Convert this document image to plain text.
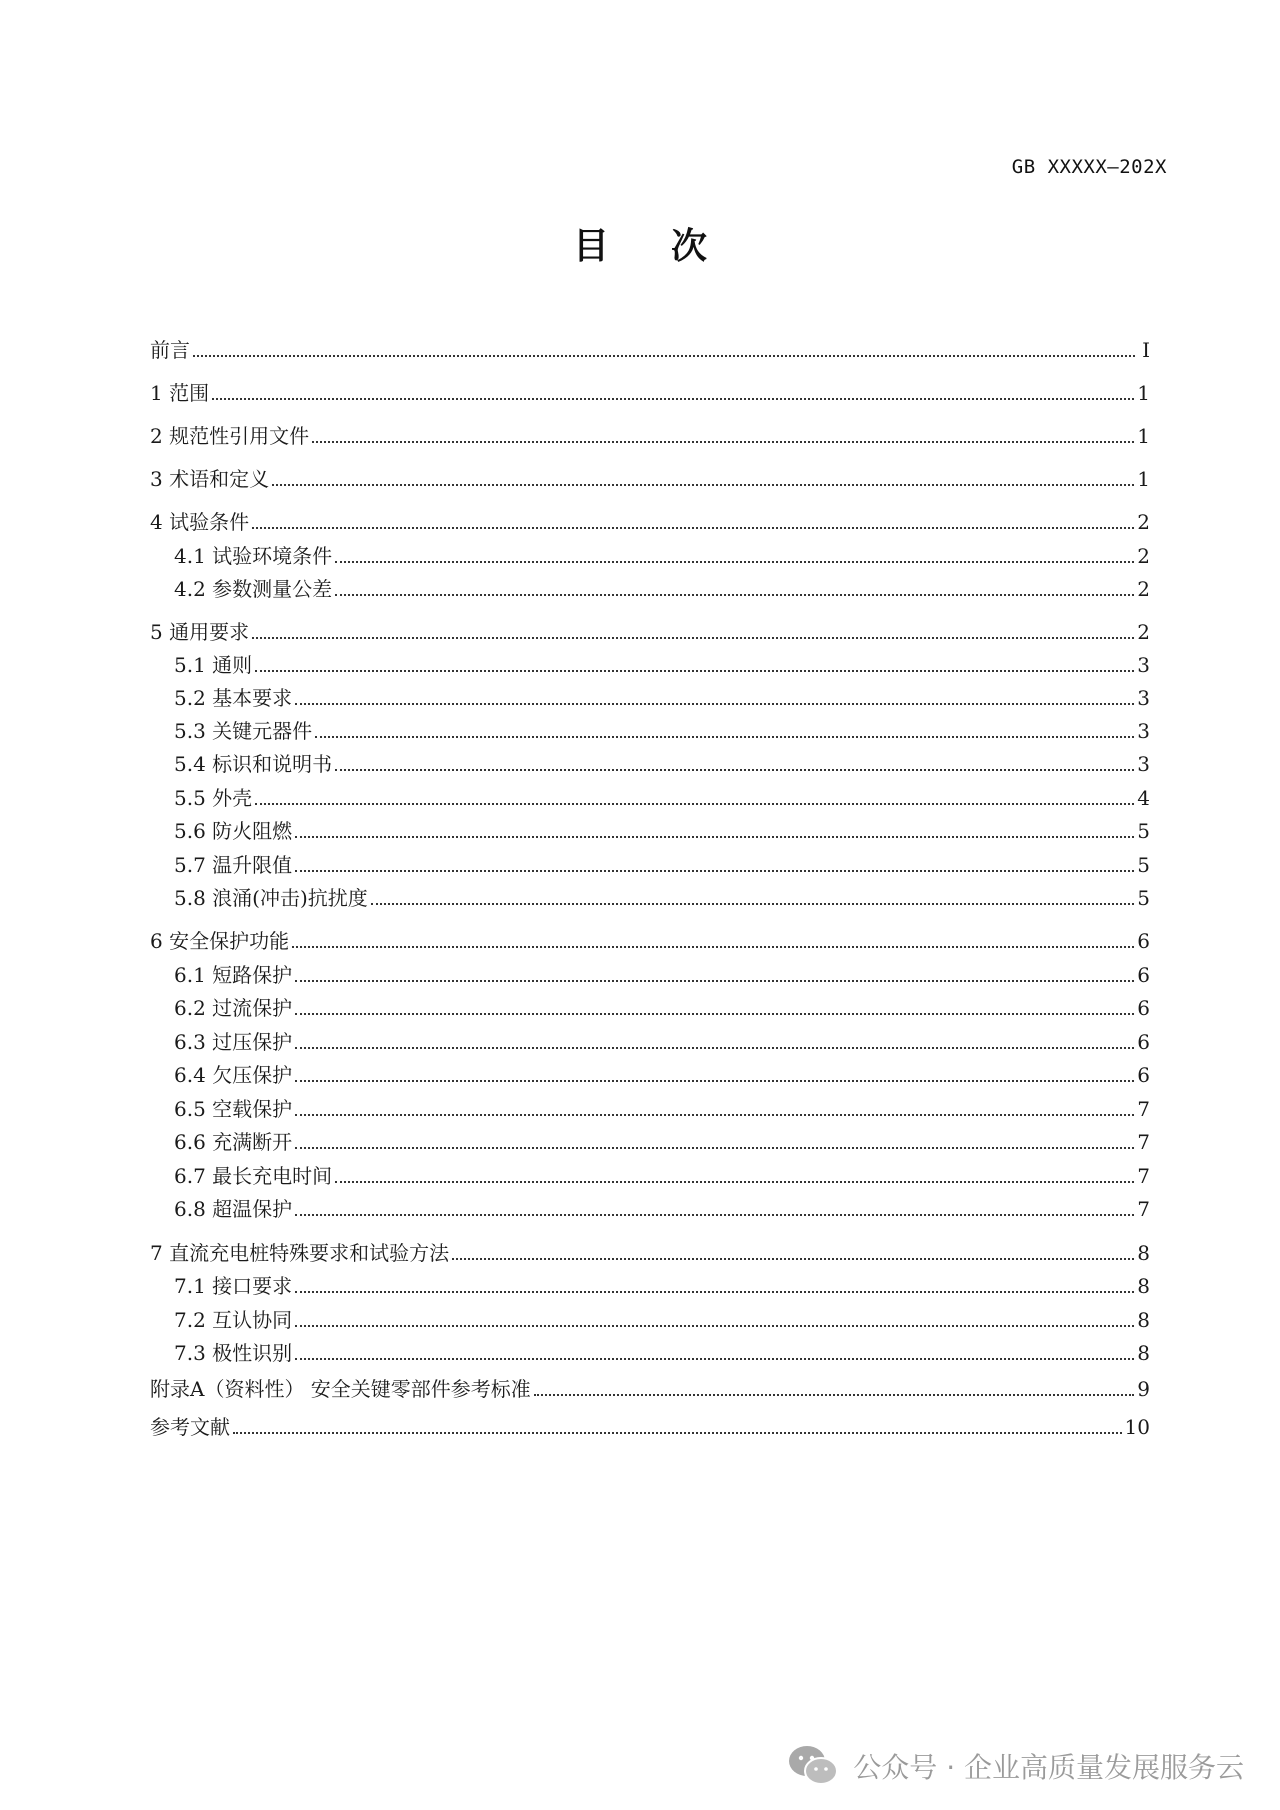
GB XXXXX—202X
目次
前言	I
1 范围	1
2 规范性引用文件	1
3 术语和定义	1
4 试验条件	2
4.1 试验环境条件	2
4.2 参数测量公差	2
5 通用要求	2
5.1 通则	3
5.2 基本要求	3
5.3 关键元器件	3
5.4 标识和说明书	3
5.5 外壳	4
5.6 防火阻燃	5
5.7 温升限值	5
5.8 浪涌(冲击)抗扰度	5
6 安全保护功能	6
6.1 短路保护	6
6.2 过流保护	6
6.3 过压保护	6
6.4 欠压保护	6
6.5 空载保护	7
6.6 充满断开	7
6.7 最长充电时间	7
6.8 超温保护	7
7 直流充电桩特殊要求和试验方法	8
7.1 接口要求	8
7.2 互认协同	8
7.3 极性识别	8
附录A（资料性） 安全关键零部件参考标准	9
参考文献	10
公众号 · 企业高质量发展服务云
